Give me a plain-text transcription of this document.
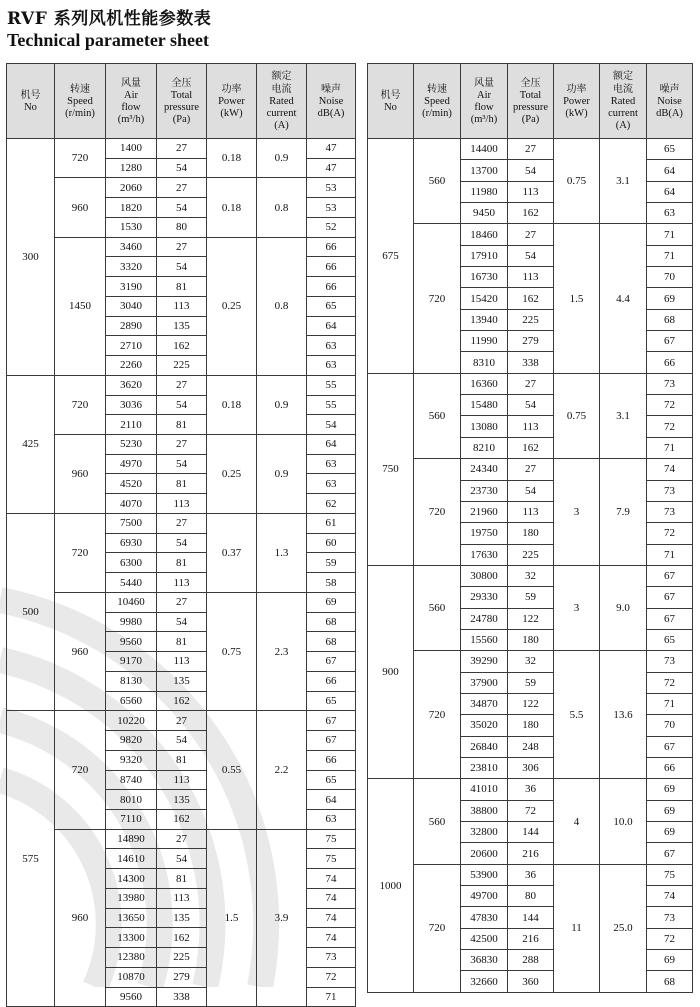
RVF 系列风机性能参数表
Technical parameter sheet
机号
No	转速
Speed
(r/min)	风量
Air
flow
(m³/h)	全压
Total
pressure
(Pa)	功率
Power
(kW)	额定
电流
Rated
current
(A)	噪声
Noise
dB(A)

300	720	1400	27	0.18	0.9	47
		1280	54			47
	960	2060	27	0.18	0.8	53
		1820	54			53
		1530	80			52
	1450	3460	27	0.25	0.8	66
		3320	54			66
		3190	81			66
		3040	113			65
		2890	135			64
		2710	162			63
		2260	225			63
425	720	3620	27	0.18	0.9	55
		3036	54			55
		2110	81			54
	960	5230	27	0.25	0.9	64
		4970	54			63
		4520	81			63
		4070	113			62
500	720	7500	27	0.37	1.3	61
		6930	54			60
		6300	81			59
		5440	113			58
	960	10460	27	0.75	2.3	69
		9980	54			68
		9560	81			68
		9170	113			67
		8130	135			66
		6560	162			65
575	720	10220	27	0.55	2.2	67
		9820	54			67
		9320	81			66
		8740	113			65
		8010	135			64
		7110	162			63
	960	14890	27	1.5	3.9	75
		14610	54			75
		14300	81			74
		13980	113			74
		13650	135			74
		13300	162			74
		12380	225			73
		10870	279			72
		9560	338			71
机号
No	转速
Speed
(r/min)	风量
Air
flow
(m³/h)	全压
Total
pressure
(Pa)	功率
Power
(kW)	额定
电流
Rated
current
(A)	噪声
Noise
dB(A)

675	560	14400	27	0.75	3.1	65
		13700	54			64
		11980	113			64
		9450	162			63
	720	18460	27	1.5	4.4	71
		17910	54			71
		16730	113			70
		15420	162			69
		13940	225			68
		11990	279			67
		8310	338			66
750	560	16360	27	0.75	3.1	73
		15480	54			72
		13080	113			72
		8210	162			71
	720	24340	27	3	7.9	74
		23730	54			73
		21960	113			73
		19750	180			72
		17630	225			71
900	560	30800	32	3	9.0	67
		29330	59			67
		24780	122			67
		15560	180			65
	720	39290	32	5.5	13.6	73
		37900	59			72
		34870	122			71
		35020	180			70
		26840	248			67
		23810	306			66
1000	560	41010	36	4	10.0	69
		38800	72			69
		32800	144			69
		20600	216			67
	720	53900	36	11	25.0	75
		49700	80			74
		47830	144			73
		42500	216			72
		36830	288			69
		32660	360			68
